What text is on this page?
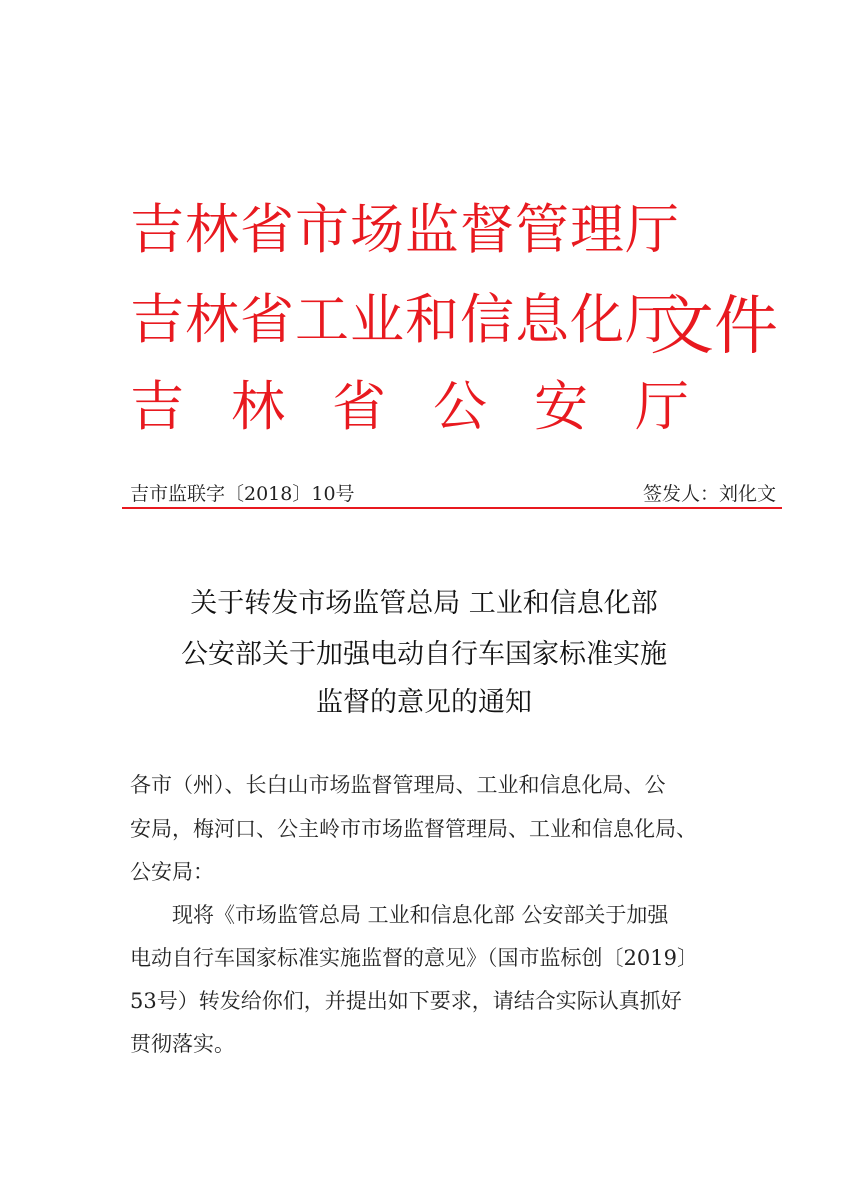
吉林省市场监督管理厅
吉林省工业和信息化厅
吉林省公安厅
文件
吉市监联字〔2018〕10号	签发人：刘化文
关于转发市场监管总局 工业和信息化部
公安部关于加强电动自行车国家标准实施
监督的意见的通知
各市（州）、长白山市场监督管理局、工业和信息化局、公
安局，梅河口、公主岭市市场监督管理局、工业和信息化局、
公安局：
　　现将《市场监管总局 工业和信息化部 公安部关于加强
电动自行车国家标准实施监督的意见》（国市监标创〔2019〕
53号）转发给你们，并提出如下要求，请结合实际认真抓好
贯彻落实。
